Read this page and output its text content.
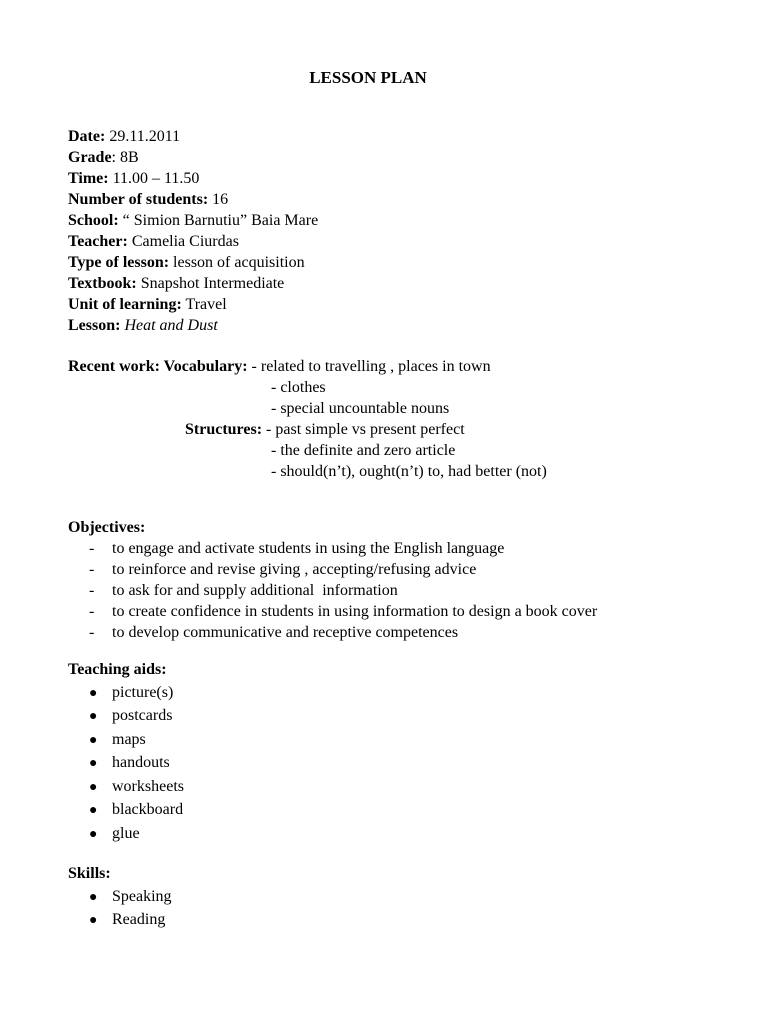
LESSON PLAN
Date: 29.11.2011
Grade: 8B
Time: 11.00 – 11.50
Number of students: 16
School: “ Simion Barnutiu” Baia Mare
Teacher: Camelia Ciurdas
Type of lesson: lesson of acquisition
Textbook: Snapshot Intermediate
Unit of learning: Travel
Lesson: Heat and Dust
Recent work: Vocabulary: - related to travelling , places in town
- clothes
- special uncountable nouns
Structures: - past simple vs present perfect
- the definite and zero article
- should(n’t), ought(n’t) to, had better (not)
Objectives:
- to engage and activate students in using the English language
- to reinforce and revise giving , accepting/refusing advice
- to ask for and supply additional  information
- to create confidence in students in using information to design a book cover
- to develop communicative and receptive competences
Teaching aids:
● picture(s)
● postcards
● maps
● handouts
● worksheets
● blackboard
● glue
Skills:
● Speaking
● Reading
